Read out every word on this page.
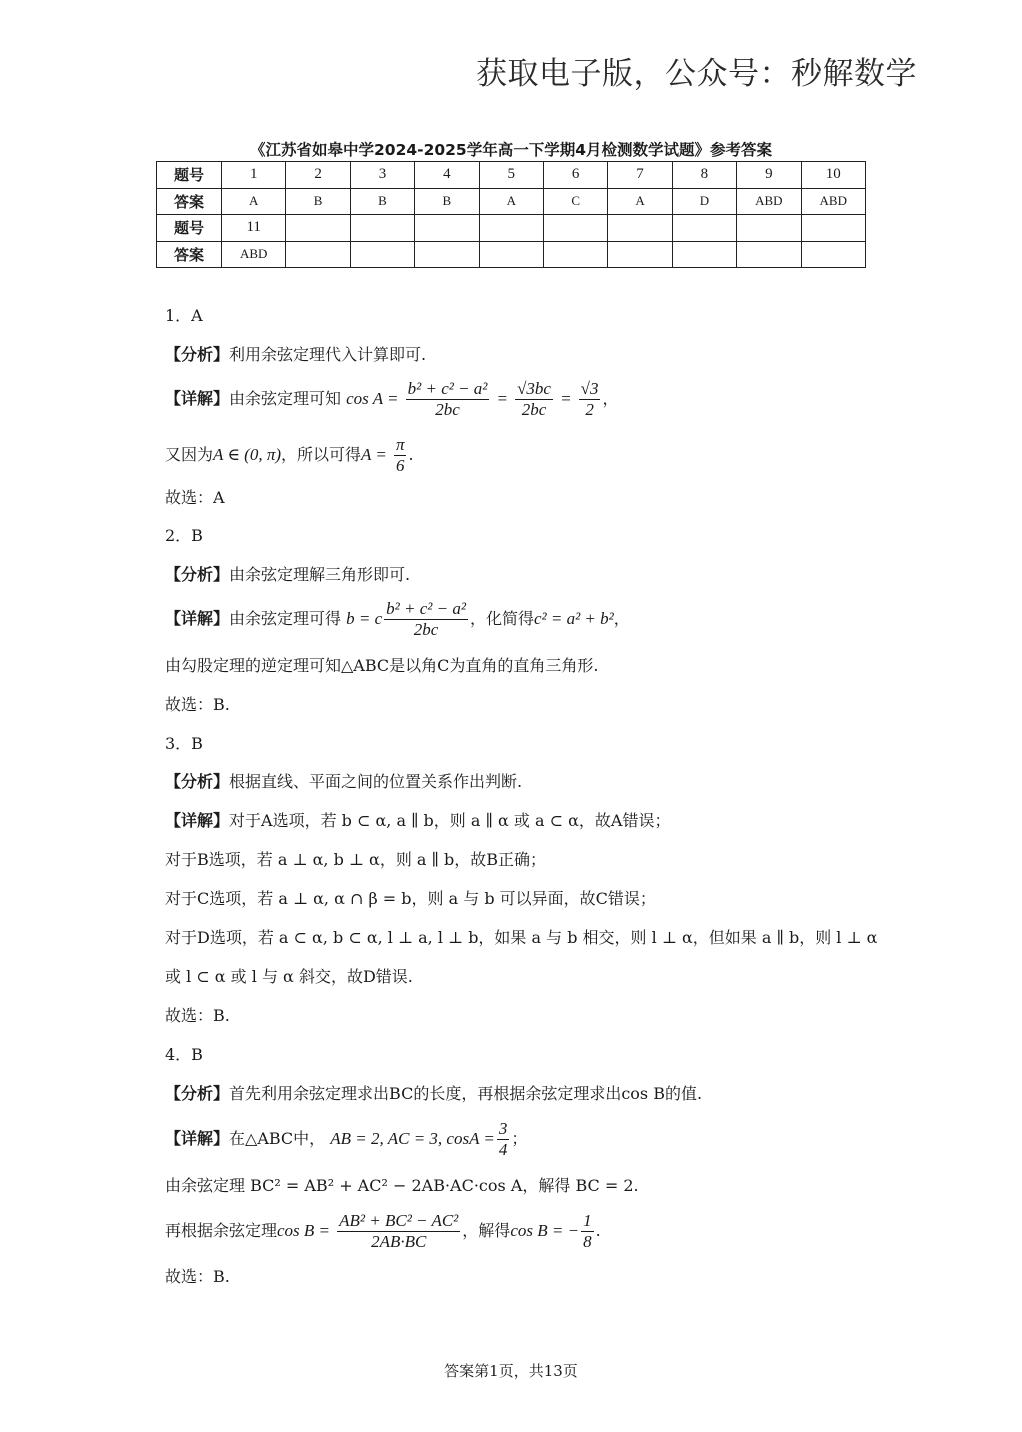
获取电子版，公众号：秒解数学
《江苏省如皋中学2024-2025学年高一下学期4月检测数学试题》参考答案
题号	1	2	3	4	5	6	7	8	9	10
答案	A	B	B	B	A	C	A	D	ABD	ABD
题号	11									
答案	ABD									
1．A
【分析】利用余弦定理代入计算即可.
【详解】由余弦定理可知 $\cos A = \frac{\text{b² + c² − a²}}{2bc} = \frac{√3bc}{2bc} = \frac{√3}{2}$ ，
又因为A ∈ (0, π)，所以可得$A = \frac{\pi}{6}$ .
故选：A
2．B
【分析】由余弦定理解三角形即可.
【详解】由余弦定理可得 b = c $\frac{\text{b² + c² − a²}}{2bc}$ ，化简得c² = a² + b²，
由勾股定理的逆定理可知△ABC是以角C为直角的直角三角形.
故选：B.
3．B
【分析】根据直线、平面之间的位置关系作出判断.
【详解】对于A选项，若 b ⊂ α, a ∥ b，则 a ∥ α 或 a ⊂ α，故A错误；
对于B选项，若 a ⊥ α, b ⊥ α，则 a ∥ b，故B正确；
对于C选项，若 a ⊥ α, α ∩ β = b，则 a 与 b 可以异面，故C错误；
对于D选项，若 a ⊂ α, b ⊂ α, l ⊥ a, l ⊥ b，如果 a 与 b 相交，则 l ⊥ α，但如果 a ∥ b，则 l ⊥ α
或 l ⊂ α 或 l 与 α 斜交，故D错误.
故选：B.
4．B
【分析】首先利用余弦定理求出BC的长度，再根据余弦定理求出cos B的值.
【详解】在△ABC中， AB = 2, AC = 3, $\cos A = \frac{3}{4}$ ；
由余弦定理 BC² = AB² + AC² − 2AB·AC·cos A，解得 BC = 2.
再根据余弦定理$\cos B = \frac{\text{AB² + BC² − AC²}}{2AB\cdot BC}$ ，解得cos B = − $\frac{1}{8}$ .
故选：B.
答案第1页，共13页
